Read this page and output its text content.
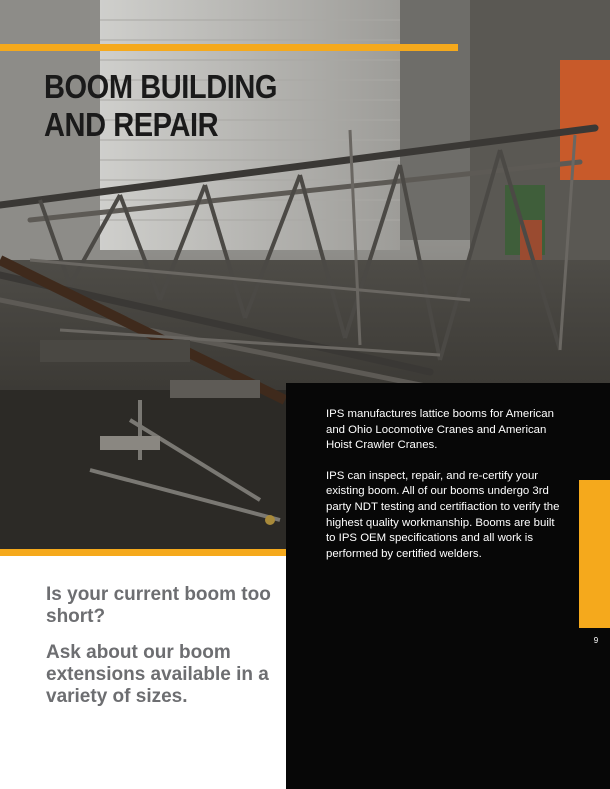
BOOM BUILDING
AND REPAIR

IPS manufactures lattice booms for American and Ohio Locomotive Cranes and American Hoist Crawler Cranes.

IPS can inspect, repair, and re-certify your existing boom. All of our booms undergo 3rd party NDT testing and certifiaction to verify the highest quality workmanship. Booms are built to IPS OEM specifications and all work is performed by certified welders.

9

Is your current boom too short?

Ask about our boom extensions available in a variety of sizes.
